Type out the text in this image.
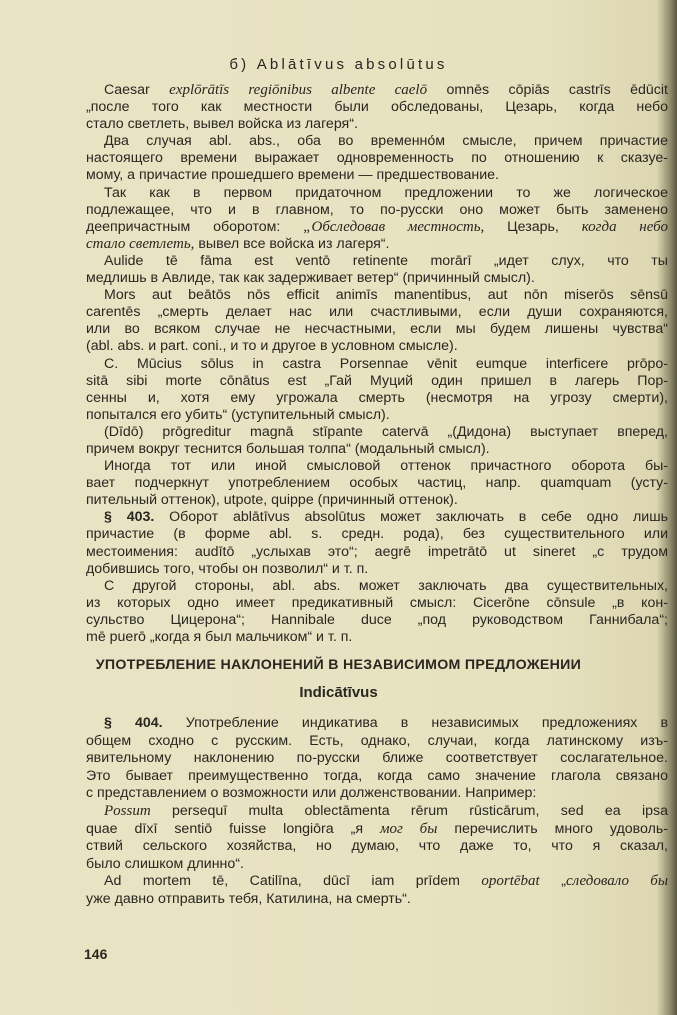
б) Ablātīvus absolūtus
Caesar explōrātīs regiōnibus albente caelō omnēs cōpiās castrīs ēdūcit
„после того как местности были обследованы, Цезарь, когда небо
стало светлеть, вывел войска из лагеря“.
Два случая abl. abs., оба во временно́м смысле, причем причастие
настоящего времени выражает одновременность по отношению к сказуе-
мому, а причастие прошедшего времени — предшествование.
Так как в первом придаточном предложении то же логическое
подлежащее, что и в главном, то по-русски оно может быть заменено
деепричастным оборотом: „Обследовав местность, Цезарь, когда небо
стало светлеть, вывел все войска из лагеря“.
Aulide tē fāma est ventō retinente morārī „идет слух, что ты
медлишь в Авлиде, так как задерживает ветер“ (причинный смысл).
Mors aut beātōs nōs efficit animīs manentibus, aut nōn miserōs sēnsū
carentēs „смерть делает нас или счастливыми, если души сохраняются,
или во всяком случае не несчастными, если мы будем лишены чувства“
(abl. abs. и part. coni., и то и другое в условном смысле).
C. Mūcius sōlus in castra Porsennae vēnit eumque interficere prōpo-
sitā sibi morte cōnātus est „Гай Муций один пришел в лагерь Пор-
сенны и, хотя ему угрожала смерть (несмотря на угрозу смерти),
попытался его убить“ (уступительный смысл).
(Dīdō) prōgreditur magnā stīpante catervā „(Дидона) выступает вперед,
причем вокруг теснится большая толпа“ (модальный смысл).
Иногда тот или иной смысловой оттенок причастного оборота бы-
вает подчеркнут употреблением особых частиц, напр. quamquam (усту-
пительный оттенок), utpote, quippe (причинный оттенок).
§ 403. Оборот ablātīvus absolūtus может заключать в себе одно лишь
причастие (в форме abl. s. средн. рода), без существительного или
местоимения: audītō „услыхав это“; aegrē impetrātō ut sineret „с трудом
добившись того, чтобы он позволил“ и т. п.
С другой стороны, abl. abs. может заключать два существительных,
из которых одно имеет предикативный смысл: Cicerōne cōnsule „в кон-
сульство Цицерона“; Hannibale duce „под руководством Ганнибала“;
mē puerō „когда я был мальчиком“ и т. п.
УПОТРЕБЛЕНИЕ НАКЛОНЕНИЙ В НЕЗАВИСИМОМ ПРЕДЛОЖЕНИИ
Indicātīvus
§ 404. Употребление индикатива в независимых предложениях в
общем сходно с русским. Есть, однако, случаи, когда латинскому изъ-
явительному наклонению по-русски ближе соответствует сослагательное.
Это бывает преимущественно тогда, когда само значение глагола связано
с представлением о возможности или долженствовании. Например:
Possum persequī multa oblectāmenta rērum rūsticārum, sed ea ipsa
quae dīxī sentiō fuisse longiōra „я мог бы перечислить много удоволь-
ствий сельского хозяйства, но думаю, что даже то, что я сказал,
было слишком длинно“.
Ad mortem tē, Catilīna, dūcī iam prīdem oportēbat „следовало бы
уже давно отправить тебя, Катилина, на смерть“.
146
